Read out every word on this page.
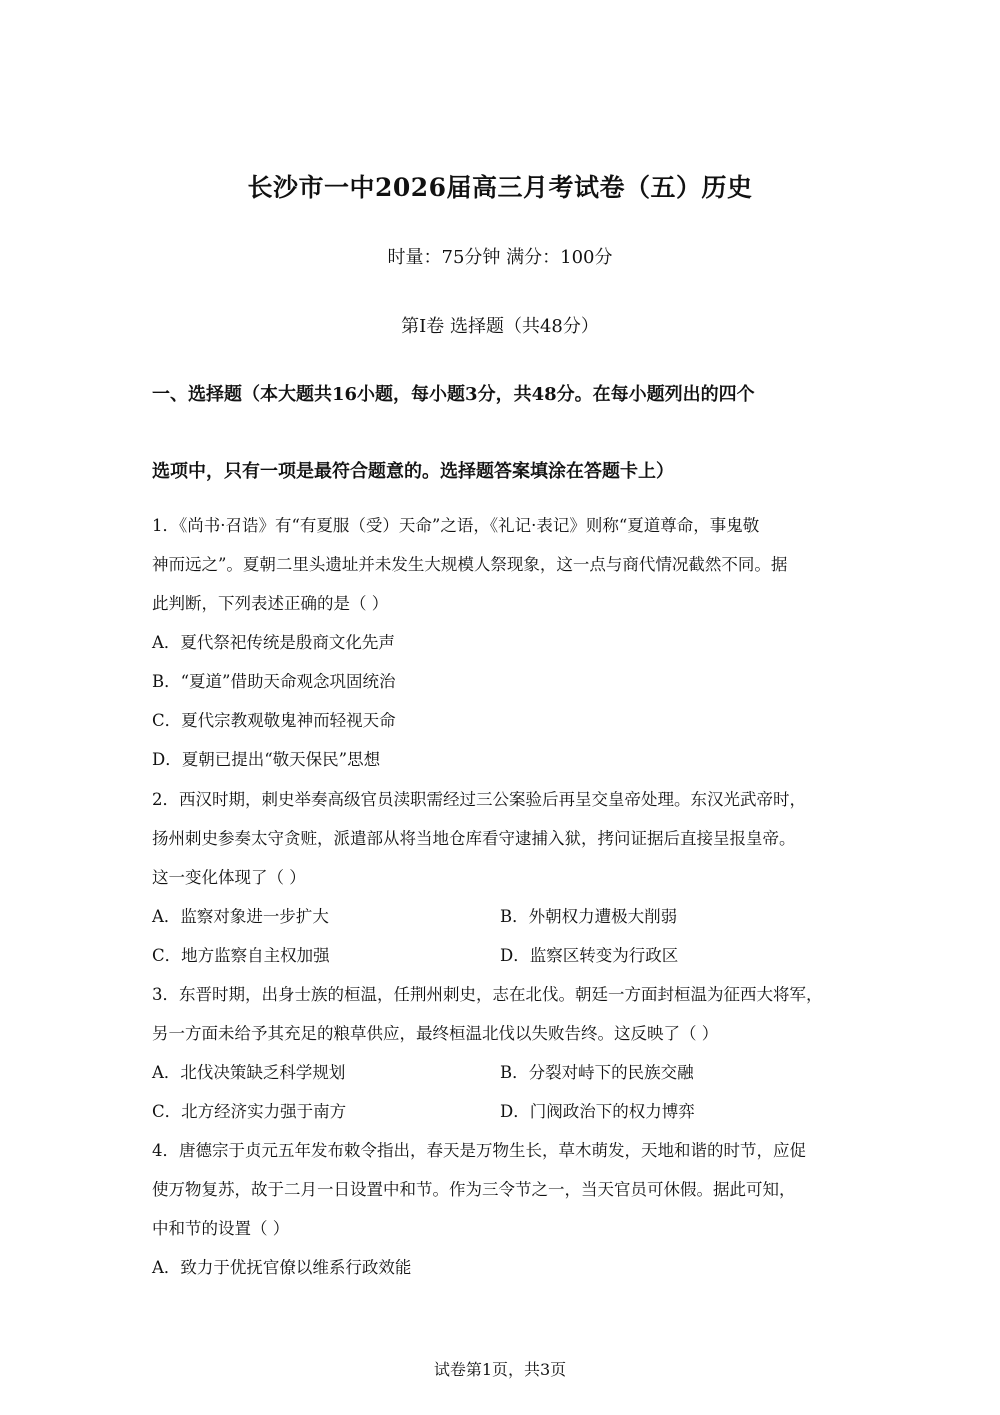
长沙市一中2026届高三月考试卷（五）历史
时量：75分钟 满分：100分
第Ⅰ卷 选择题（共48分）
一、选择题（本大题共16小题，每小题3分，共48分。在每小题列出的四个
选项中，只有一项是最符合题意的。选择题答案填涂在答题卡上）
1．《尚书·召诰》有“有夏服（受）天命”之语，《礼记·表记》则称“夏道尊命，事鬼敬
神而远之”。夏朝二里头遗址并未发生大规模人祭现象，这一点与商代情况截然不同。据
此判断，下列表述正确的是（ ）
A．夏代祭祀传统是殷商文化先声
B．“夏道”借助天命观念巩固统治
C．夏代宗教观敬鬼神而轻视天命
D．夏朝已提出“敬天保民”思想
2．西汉时期，刺史举奏高级官员渎职需经过三公案验后再呈交皇帝处理。东汉光武帝时，
扬州刺史参奏太守贪赃，派遣部从将当地仓库看守逮捕入狱，拷问证据后直接呈报皇帝。
这一变化体现了（ ）
A．监察对象进一步扩大	B．外朝权力遭极大削弱
C．地方监察自主权加强	D．监察区转变为行政区
3．东晋时期，出身士族的桓温，任荆州刺史，志在北伐。朝廷一方面封桓温为征西大将军，
另一方面未给予其充足的粮草供应，最终桓温北伐以失败告终。这反映了（ ）
A．北伐决策缺乏科学规划	B．分裂对峙下的民族交融
C．北方经济实力强于南方	D．门阀政治下的权力博弈
4．唐德宗于贞元五年发布敕令指出，春天是万物生长，草木萌发，天地和谐的时节，应促
使万物复苏，故于二月一日设置中和节。作为三令节之一，当天官员可休假。据此可知，
中和节的设置（ ）
A．致力于优抚官僚以维系行政效能
试卷第1页，共3页
